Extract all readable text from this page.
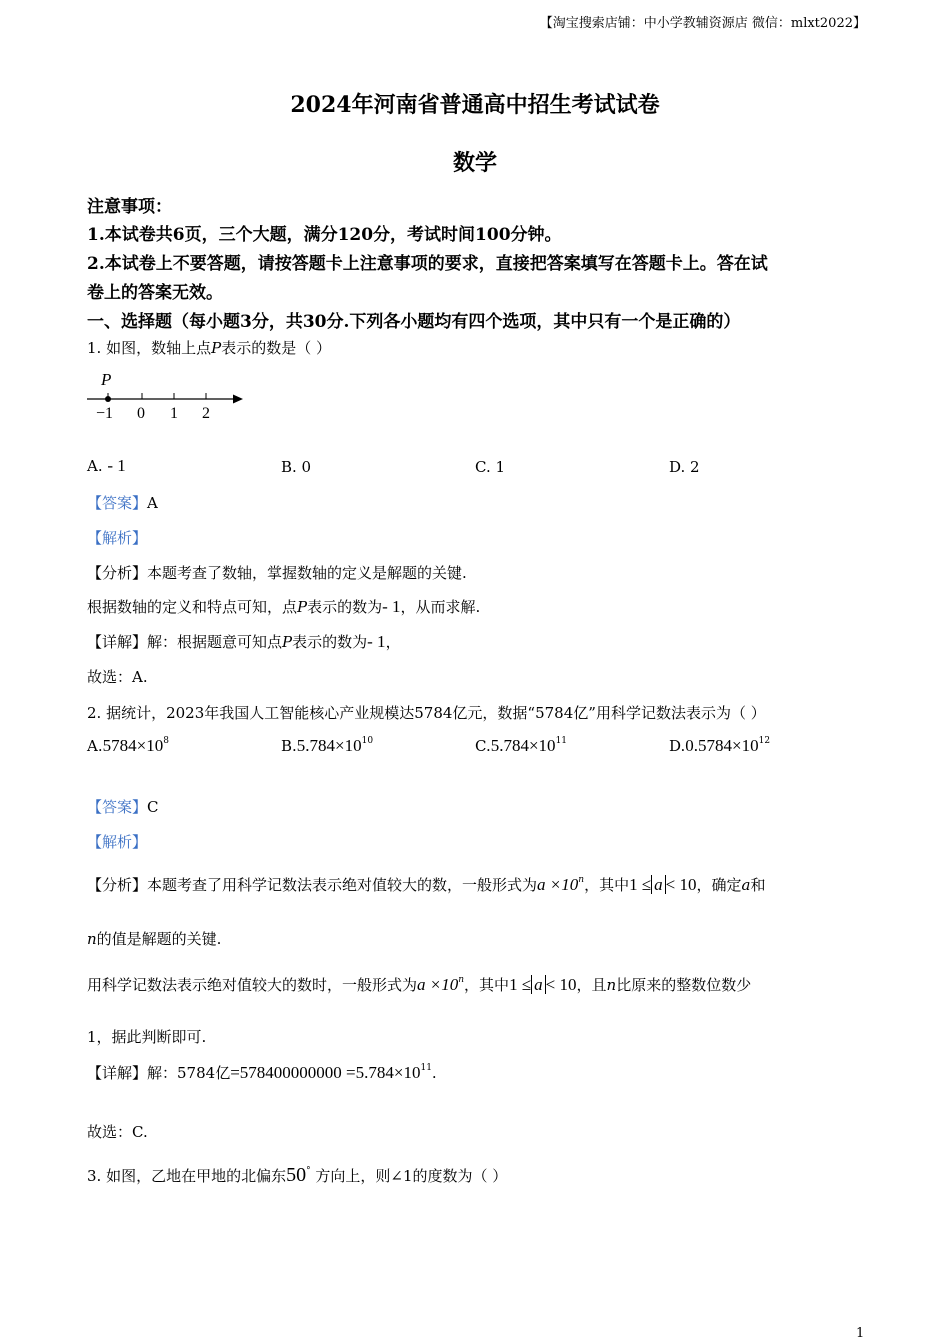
【淘宝搜索店铺：中小学教辅资源店 微信：mlxt2022】
2024年河南省普通高中招生考试试卷
数学
注意事项：
1.本试卷共6页，三个大题，满分120分，考试时间100分钟。
2.本试卷上不要答题，请按答题卡上注意事项的要求，直接把答案填写在答题卡上。答在试
卷上的答案无效。
一、选择题（每小题3分，共30分.下列各小题均有四个选项，其中只有一个是正确的）
1. 如图，数轴上点P表示的数是（ ）
P
−1 0 1 2
A. - 1	B. 0	C. 1	D. 2
【答案】A
【解析】
【分析】本题考查了数轴，掌握数轴的定义是解题的关键.
根据数轴的定义和特点可知，点P表示的数为- 1，从而求解.
【详解】解：根据题意可知点P表示的数为- 1，
故选：A.
2. 据统计，2023年我国人工智能核心产业规模达5784亿元，数据“5784亿”用科学记数法表示为（ ）
$A.5784\times 10^8$	$B.5.784\times 10^{10}$	$C.5.784\times 10^{11}$	$D.0.5784\times 10^{12}$
【答案】C
【解析】
【分析】本题考查了用科学记数法表示绝对值较大的数，一般形式为$a \times 10^n$，其中1 ≤ a < 10，确定a和
n的值是解题的关键.
用科学记数法表示绝对值较大的数时，一般形式为$a \times 10^n$，其中1 ≤ a < 10，且n比原来的整数位数少
1，据此判断即可.
【详解】解：5784亿$=578400000000 =5.784\times 10^{11}$.
故选：C.
3. 如图，乙地在甲地的北偏东50° 方向上，则∠1的度数为（ ）
1
